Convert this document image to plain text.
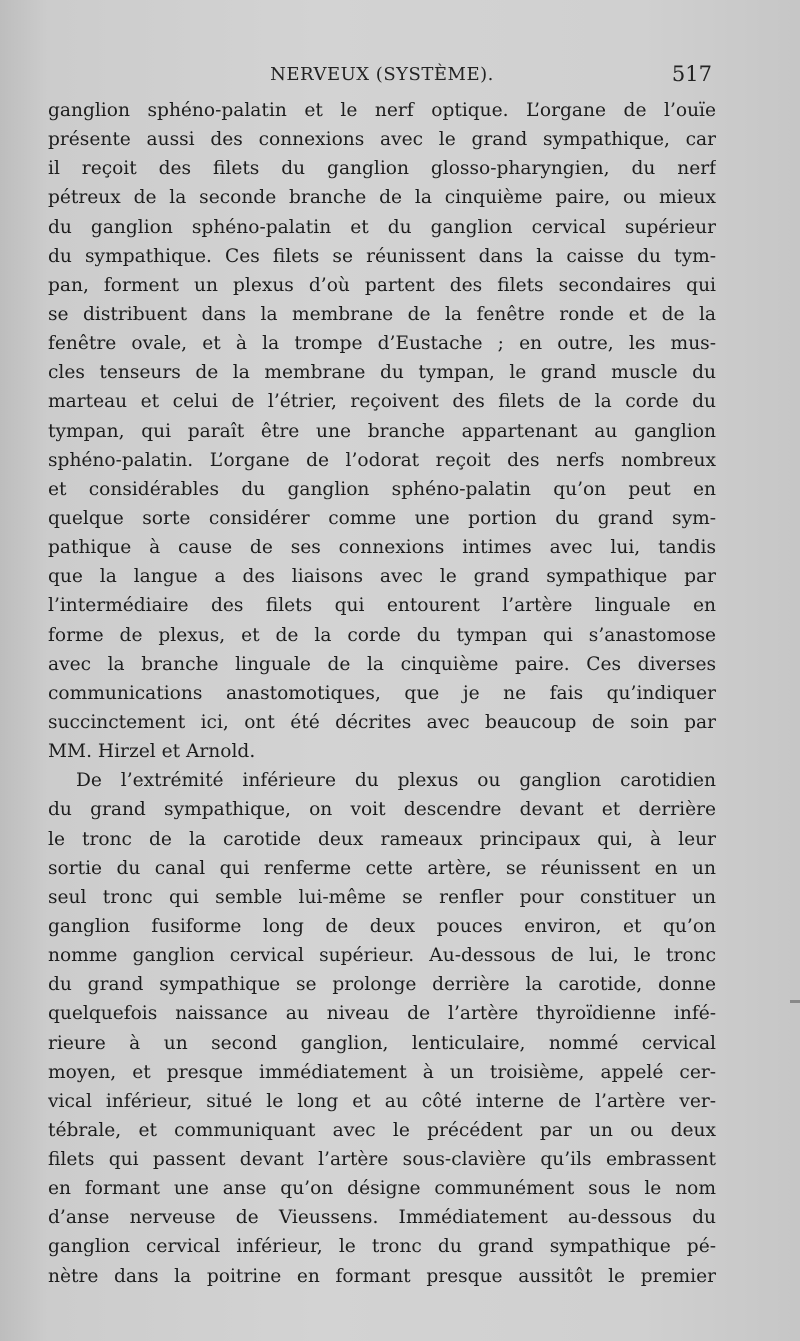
NERVEUX (SYSTÈME).	517
ganglion sphéno-palatin et le nerf optique. L’organe de l’ouïe
présente aussi des connexions avec le grand sympathique, car
il reçoit des filets du ganglion glosso-pharyngien, du nerf
pétreux de la seconde branche de la cinquième paire, ou mieux
du ganglion sphéno-palatin et du ganglion cervical supérieur
du sympathique. Ces filets se réunissent dans la caisse du tym-
pan, forment un plexus d’où partent des filets secondaires qui
se distribuent dans la membrane de la fenêtre ronde et de la
fenêtre ovale, et à la trompe d’Eustache ; en outre, les mus-
cles tenseurs de la membrane du tympan, le grand muscle du
marteau et celui de l’étrier, reçoivent des filets de la corde du
tympan, qui paraît être une branche appartenant au ganglion
sphéno-palatin. L’organe de l’odorat reçoit des nerfs nombreux
et considérables du ganglion sphéno-palatin qu’on peut en
quelque sorte considérer comme une portion du grand sym-
pathique à cause de ses connexions intimes avec lui, tandis
que la langue a des liaisons avec le grand sympathique par
l’intermédiaire des filets qui entourent l’artère linguale en
forme de plexus, et de la corde du tympan qui s’anastomose
avec la branche linguale de la cinquième paire. Ces diverses
communications anastomotiques, que je ne fais qu’indiquer
succinctement ici, ont été décrites avec beaucoup de soin par
MM. Hirzel et Arnold.
De l’extrémité inférieure du plexus ou ganglion carotidien
du grand sympathique, on voit descendre devant et derrière
le tronc de la carotide deux rameaux principaux qui, à leur
sortie du canal qui renferme cette artère, se réunissent en un
seul tronc qui semble lui-même se renfler pour constituer un
ganglion fusiforme long de deux pouces environ, et qu’on
nomme ganglion cervical supérieur. Au-dessous de lui, le tronc
du grand sympathique se prolonge derrière la carotide, donne
quelquefois naissance au niveau de l’artère thyroïdienne infé-
rieure à un second ganglion, lenticulaire, nommé cervical
moyen, et presque immédiatement à un troisième, appelé cer-
vical inférieur, situé le long et au côté interne de l’artère ver-
tébrale, et communiquant avec le précédent par un ou deux
filets qui passent devant l’artère sous-clavière qu’ils embrassent
en formant une anse qu’on désigne communément sous le nom
d’anse nerveuse de Vieussens. Immédiatement au-dessous du
ganglion cervical inférieur, le tronc du grand sympathique pé-
nètre dans la poitrine en formant presque aussitôt le premier
